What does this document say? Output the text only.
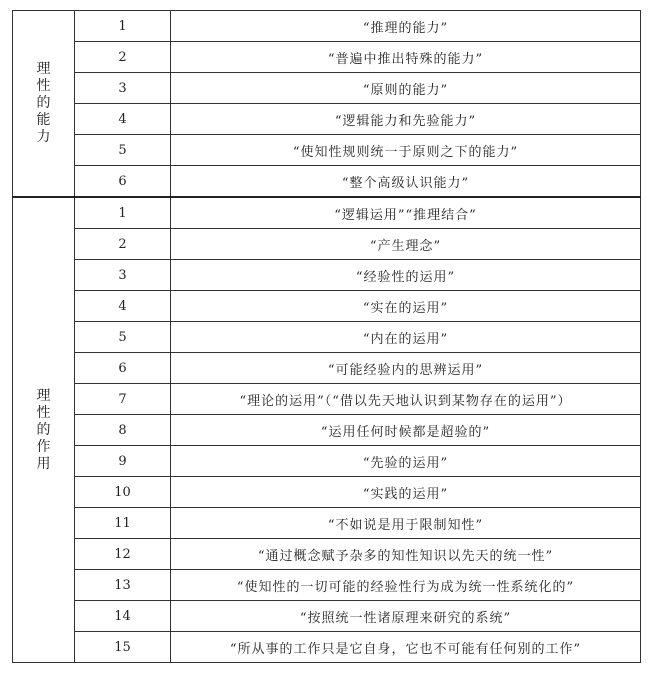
理性的能力	1	“推理的能力”
	2	“普遍中推出特殊的能力”
	3	“原则的能力”
	4	“逻辑能力和先验能力”
	5	“使知性规则统一于原则之下的能力”
	6	“整个高级认识能力”

理性的作用	1	“逻辑运用”“推理结合”
	2	“产生理念”
	3	“经验性的运用”
	4	“实在的运用”
	5	“内在的运用”
	6	“可能经验内的思辨运用”
	7	“理论的运用”（“借以先天地认识到某物存在的运用”）
	8	“运用任何时候都是超验的”
	9	“先验的运用”
	10	“实践的运用”
	11	“不如说是用于限制知性”
	12	“通过概念赋予杂多的知性知识以先天的统一性”
	13	“使知性的一切可能的经验性行为成为统一性系统化的”
	14	“按照统一性诸原理来研究的系统”
	15	“所从事的工作只是它自身，它也不可能有任何别的工作”
